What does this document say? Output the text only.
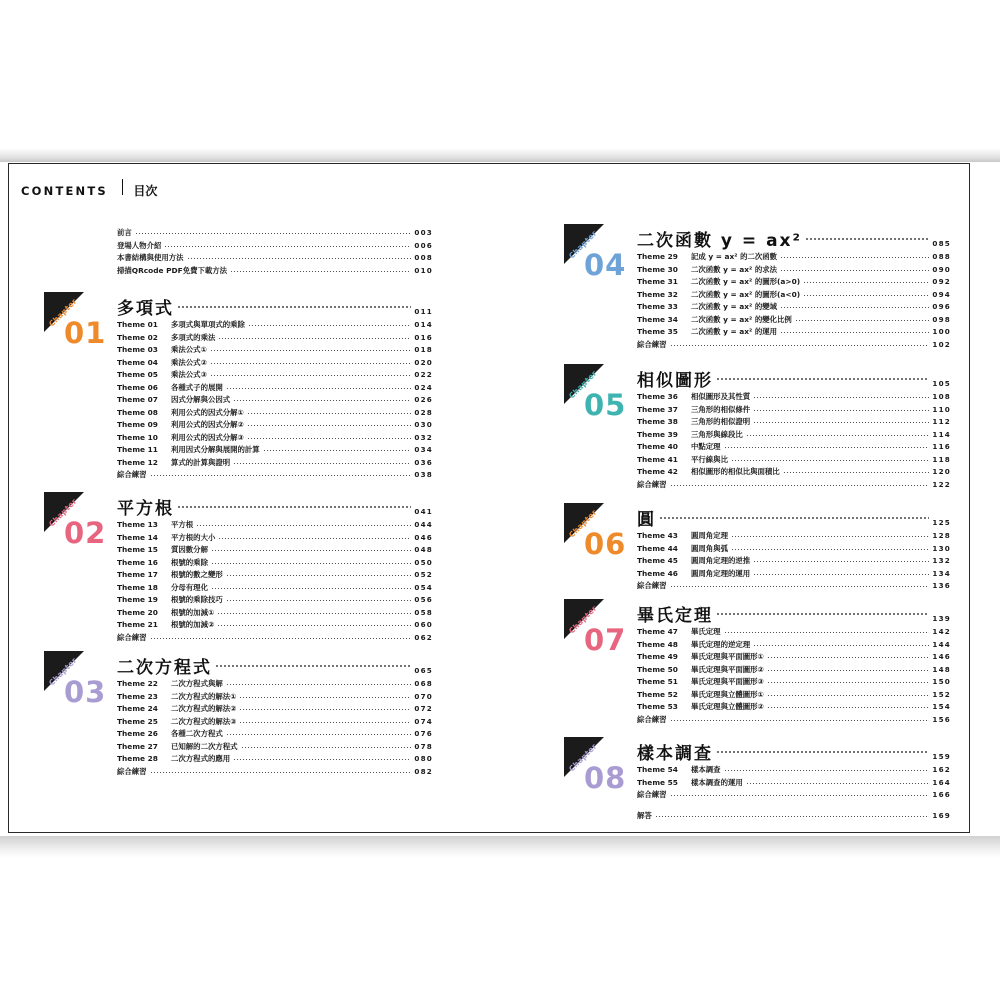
CONTENTS 目次
前言	003
登場人物介紹	006
本書結構與使用方法	008
掃描QRcode PDF免費下載方法	010
Chapter
01
多項式	011
Theme 01 多項式與單項式的乘除	014
Theme 02 多項式的乘法	016
Theme 03 乘法公式①	018
Theme 04 乘法公式②	020
Theme 05 乘法公式③	022
Theme 06 各種式子的展開	024
Theme 07 因式分解與公因式	026
Theme 08 利用公式的因式分解①	028
Theme 09 利用公式的因式分解②	030
Theme 10 利用公式的因式分解③	032
Theme 11 利用因式分解與展開的計算	034
Theme 12 算式的計算與證明	036
綜合練習	038
Chapter
02
平方根	041
Theme 13 平方根	044
Theme 14 平方根的大小	046
Theme 15 質因數分解	048
Theme 16 根號的乘除	050
Theme 17 根號的數之變形	052
Theme 18 分母有理化	054
Theme 19 根號的乘除技巧	056
Theme 20 根號的加減①	058
Theme 21 根號的加減②	060
綜合練習	062
Chapter
03
二次方程式	065
Theme 22 二次方程式與解	068
Theme 23 二次方程式的解法①	070
Theme 24 二次方程式的解法②	072
Theme 25 二次方程式的解法③	074
Theme 26 各種二次方程式	076
Theme 27 已知解的二次方程式	078
Theme 28 二次方程式的應用	080
綜合練習	082
Chapter
04
二次函數 y = ax²	085
Theme 29 記成 y = ax² 的二次函數	088
Theme 30 二次函數 y = ax² 的求法	090
Theme 31 二次函數 y = ax² 的圖形(a>0)	092
Theme 32 二次函數 y = ax² 的圖形(a<0)	094
Theme 33 二次函數 y = ax² 的變域	096
Theme 34 二次函數 y = ax² 的變化比例	098
Theme 35 二次函數 y = ax² 的運用	100
綜合練習	102
Chapter
05
相似圖形	105
Theme 36 相似圖形及其性質	108
Theme 37 三角形的相似條件	110
Theme 38 三角形的相似證明	112
Theme 39 三角形與線段比	114
Theme 40 中點定理	116
Theme 41 平行線與比	118
Theme 42 相似圖形的相似比與面積比	120
綜合練習	122
Chapter
06
圓	125
Theme 43 圓周角定理	128
Theme 44 圓周角與弧	130
Theme 45 圓周角定理的逆推	132
Theme 46 圓周角定理的運用	134
綜合練習	136
Chapter
07
畢氏定理	139
Theme 47 畢氏定理	142
Theme 48 畢氏定理的逆定理	144
Theme 49 畢氏定理與平面圖形①	146
Theme 50 畢氏定理與平面圖形②	148
Theme 51 畢氏定理與平面圖形③	150
Theme 52 畢氏定理與立體圖形①	152
Theme 53 畢氏定理與立體圖形②	154
綜合練習	156
Chapter
08
樣本調查	159
Theme 54 樣本調查	162
Theme 55 樣本調查的運用	164
綜合練習	166
解答	169
